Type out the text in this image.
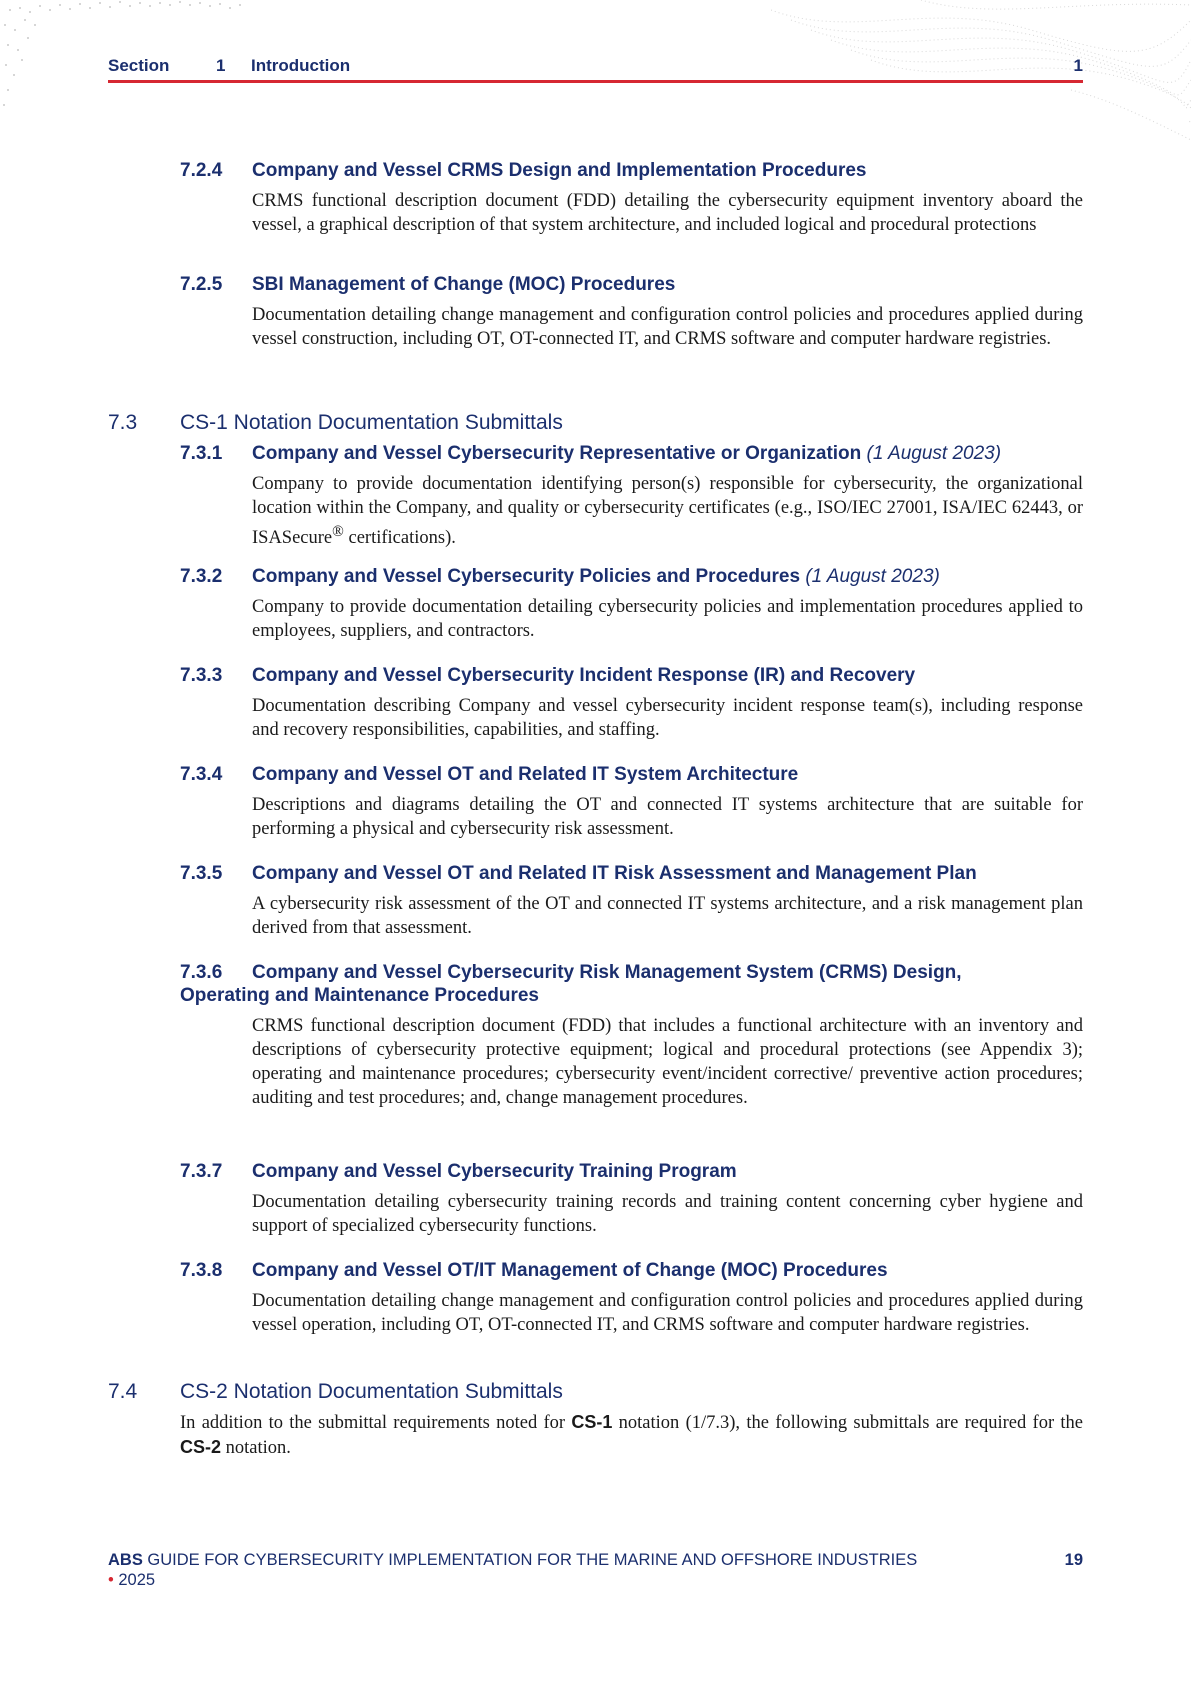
Section	1 Introduction	1
7.2.4	Company and Vessel CRMS Design and Implementation Procedures
CRMS functional description document (FDD) detailing the cybersecurity equipment inventory aboard the vessel, a graphical description of that system architecture, and included logical and procedural protections
7.2.5	SBI Management of Change (MOC) Procedures
Documentation detailing change management and configuration control policies and procedures applied during vessel construction, including OT, OT-connected IT, and CRMS software and computer hardware registries.
7.3	CS-1 Notation Documentation Submittals
7.3.1	Company and Vessel Cybersecurity Representative or Organization (1 August 2023)
Company to provide documentation identifying person(s) responsible for cybersecurity, the organizational location within the Company, and quality or cybersecurity certificates (e.g., ISO/IEC 27001, ISA/IEC 62443, or ISASecure® certifications).
7.3.2	Company and Vessel Cybersecurity Policies and Procedures (1 August 2023)
Company to provide documentation detailing cybersecurity policies and implementation procedures applied to employees, suppliers, and contractors.
7.3.3	Company and Vessel Cybersecurity Incident Response (IR) and Recovery
Documentation describing Company and vessel cybersecurity incident response team(s), including response and recovery responsibilities, capabilities, and staffing.
7.3.4	Company and Vessel OT and Related IT System Architecture
Descriptions and diagrams detailing the OT and connected IT systems architecture that are suitable for performing a physical and cybersecurity risk assessment.
7.3.5	Company and Vessel OT and Related IT Risk Assessment and Management Plan
A cybersecurity risk assessment of the OT and connected IT systems architecture, and a risk management plan derived from that assessment.
7.3.6 Company and Vessel Cybersecurity Risk Management System (CRMS) Design,
Operating and Maintenance Procedures
CRMS functional description document (FDD) that includes a functional architecture with an inventory and descriptions of cybersecurity protective equipment; logical and procedural protections (see Appendix 3); operating and maintenance procedures; cybersecurity event/incident corrective/ preventive action procedures; auditing and test procedures; and, change management procedures.
7.3.7	Company and Vessel Cybersecurity Training Program
Documentation detailing cybersecurity training records and training content concerning cyber hygiene and support of specialized cybersecurity functions.
7.3.8	Company and Vessel OT/IT Management of Change (MOC) Procedures
Documentation detailing change management and configuration control policies and procedures applied during vessel operation, including OT, OT-connected IT, and CRMS software and computer hardware registries.
7.4	CS-2 Notation Documentation Submittals
In addition to the submittal requirements noted for CS-1 notation (1/7.3), the following submittals are required for the CS-2 notation.
ABS GUIDE FOR CYBERSECURITY IMPLEMENTATION FOR THE MARINE AND OFFSHORE INDUSTRIES	19
• 2025
